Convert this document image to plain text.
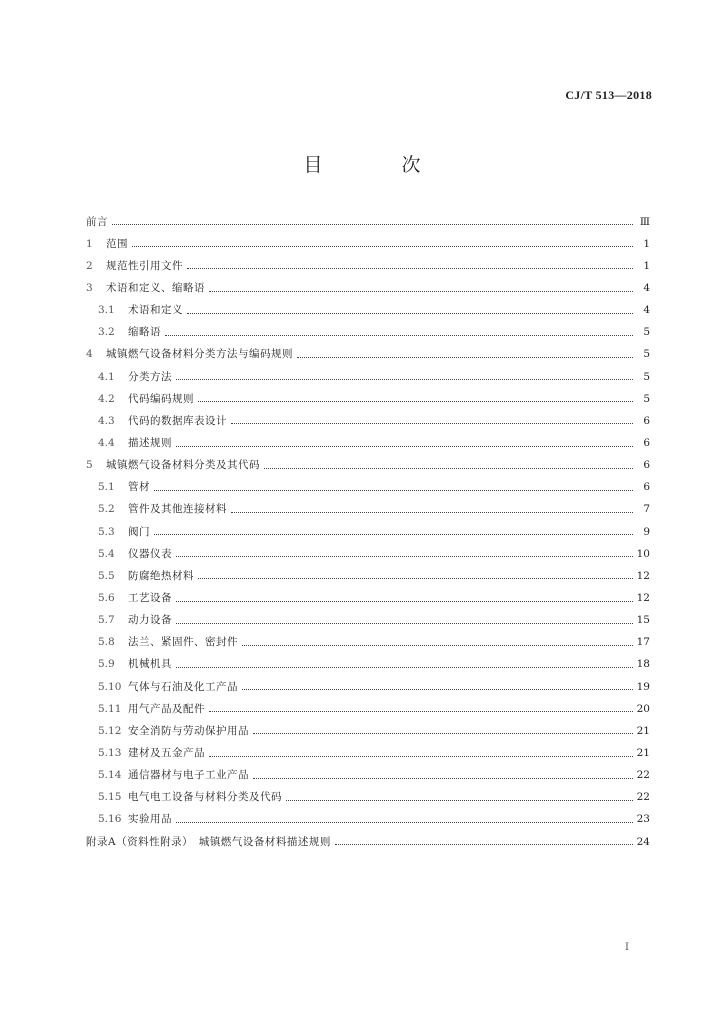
CJ/T 513—2018
目　次
前言	Ⅲ
1	范围	1
2	规范性引用文件	1
3	术语和定义、缩略语	4
3.1	术语和定义	4
3.2	缩略语	5
4	城镇燃气设备材料分类方法与编码规则	5
4.1	分类方法	5
4.2	代码编码规则	5
4.3	代码的数据库表设计	6
4.4	描述规则	6
5	城镇燃气设备材料分类及其代码	6
5.1	管材	6
5.2	管件及其他连接材料	7
5.3	阀门	9
5.4	仪器仪表	10
5.5	防腐绝热材料	12
5.6	工艺设备	12
5.7	动力设备	15
5.8	法兰、紧固件、密封件	17
5.9	机械机具	18
5.10 气体与石油及化工产品	19
5.11 用气产品及配件	20
5.12 安全消防与劳动保护用品	21
5.13 建材及五金产品	21
5.14 通信器材与电子工业产品	22
5.15 电气电工设备与材料分类及代码	22
5.16 实验用品	23
附录A（资料性附录）　城镇燃气设备材料描述规则	24
I
